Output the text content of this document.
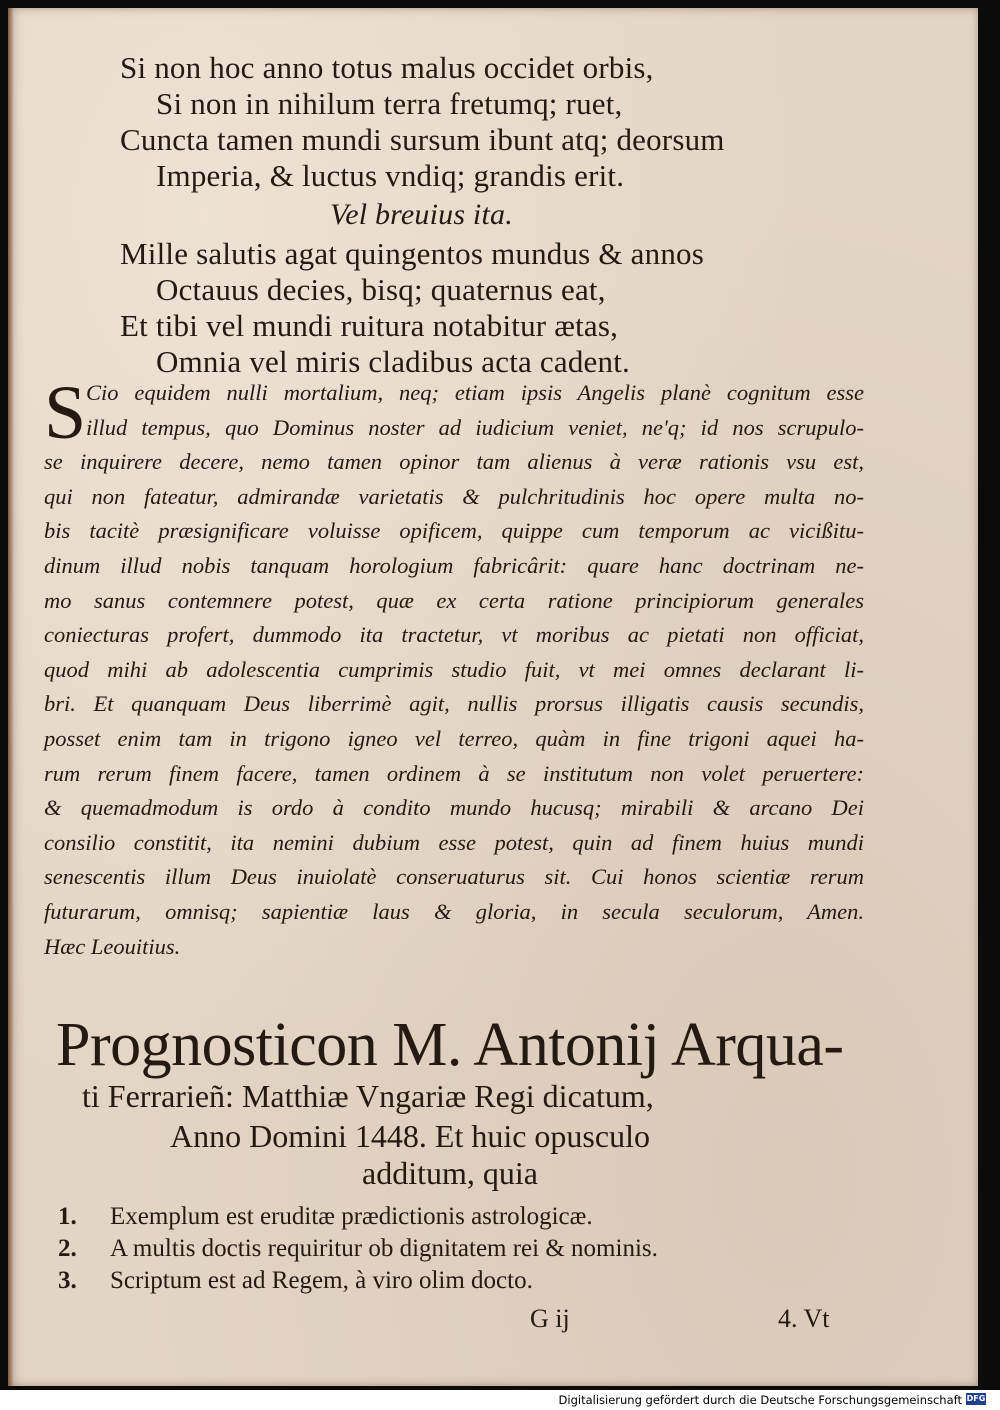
Si non hoc anno totus malus occidet orbis,
Si non in nihilum terra fretumq; ruet,
Cuncta tamen mundi sursum ibunt atq; deorsum
Imperia, & luctus vndiq; grandis erit.
Vel breuius ita.
Mille salutis agat quingentos mundus & annos
Octauus decies, bisq; quaternus eat,
Et tibi vel mundi ruitura notabitur ætas,
Omnia vel miris cladibus acta cadent.
S Cio equidem nulli mortalium, neq; etiam ipsis Angelis planè cognitum esse
illud tempus, quo Dominus noster ad iudicium veniet, ne'q; id nos scrupulo-
se inquirere decere, nemo tamen opinor tam alienus à veræ rationis vsu est,
qui non fateatur, admirandæ varietatis & pulchritudinis hoc opere multa no-
bis tacitè præsignificare voluisse opificem, quippe cum temporum ac vicißitu-
dinum illud nobis tanquam horologium fabricârit: quare hanc doctrinam ne-
mo sanus contemnere potest, quæ ex certa ratione principiorum generales
coniecturas profert, dummodo ita tractetur, vt moribus ac pietati non officiat,
quod mihi ab adolescentia cumprimis studio fuit, vt mei omnes declarant li-
bri. Et quanquam Deus liberrimè agit, nullis prorsus illigatis causis secundis,
posset enim tam in trigono igneo vel terreo, quàm in fine trigoni aquei ha-
rum rerum finem facere, tamen ordinem à se institutum non volet peruertere:
& quemadmodum is ordo à condito mundo hucusq; mirabili & arcano Dei
consilio constitit, ita nemini dubium esse potest, quin ad finem huius mundi
senescentis illum Deus inuiolatè conseruaturus sit. Cui honos scientiæ rerum
futurarum, omnisq; sapientiæ laus & gloria, in secula seculorum, Amen.
Hæc Leouitius.
Prognosticon M. Antonij Arqua-
ti Ferrarieñ: Matthiæ Vngariæ Regi dicatum,
Anno Domini 1448. Et huic opusculo
additum, quia
1. Exemplum est eruditæ prædictionis astrologicæ.
2. A multis doctis requiritur ob dignitatem rei & nominis.
3. Scriptum est ad Regem, à viro olim docto.
G ij	4. Vt
Digitalisierung gefördert durch die Deutsche Forschungsgemeinschaft DFG
